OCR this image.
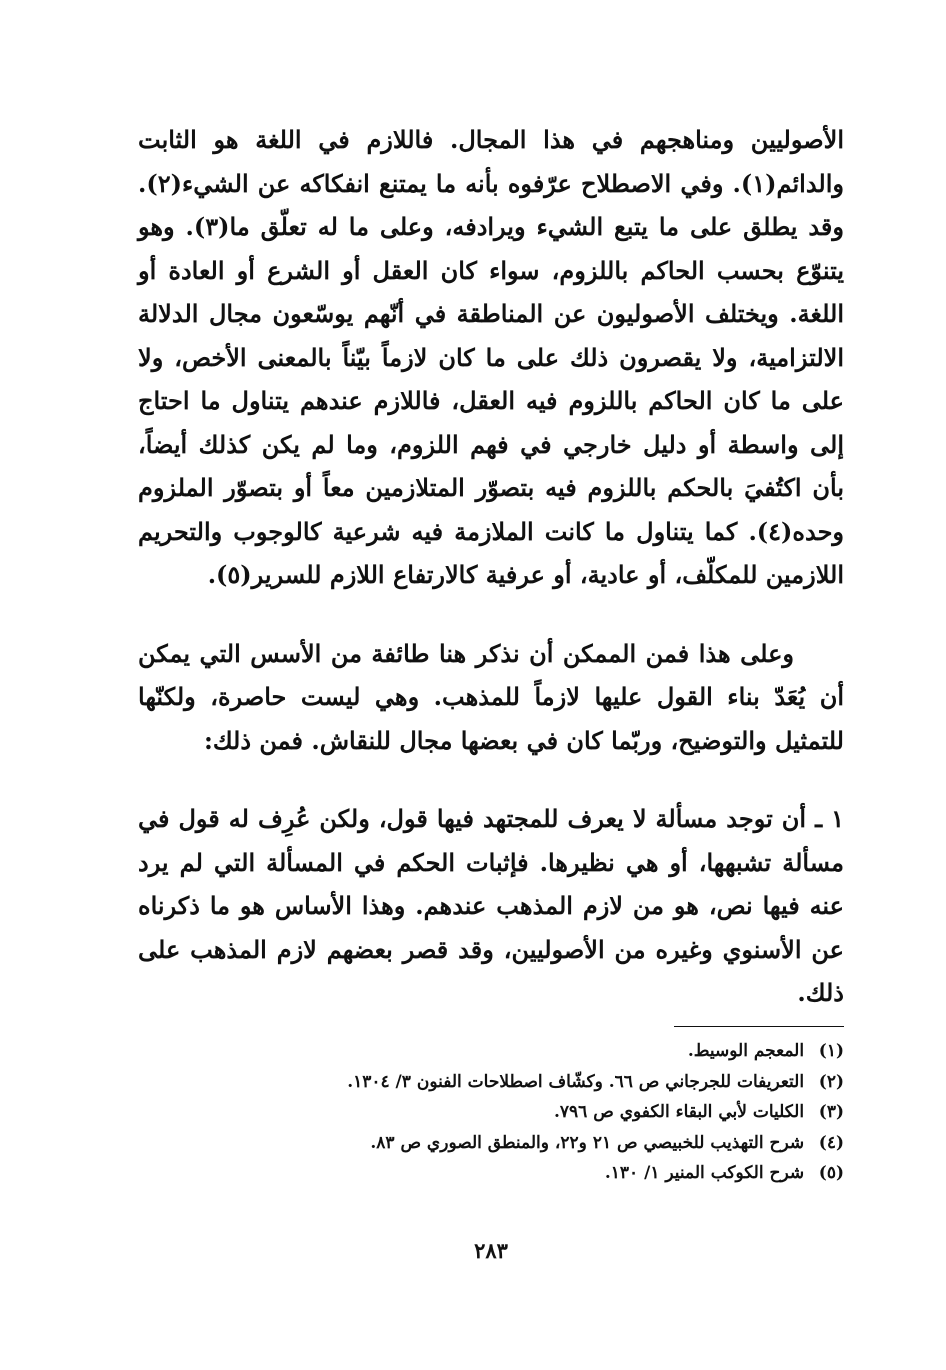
الأصوليين ومناهجهم في هذا المجال. فاللازم في اللغة هو الثابت والدائم(١). وفي الاصطلاح عرّفوه بأنه ما يمتنع انفكاكه عن الشيء(٢). وقد يطلق على ما يتبع الشيء ويرادفه، وعلى ما له تعلّق ما(٣). وهو يتنوّع بحسب الحاكم باللزوم، سواء كان العقل أو الشرع أو العادة أو اللغة. ويختلف الأصوليون عن المناطقة في أنّهم يوسّعون مجال الدلالة الالتزامية، ولا يقصرون ذلك على ما كان لازماً بيّناً بالمعنى الأخص، ولا على ما كان الحاكم باللزوم فيه العقل، فاللازم عندهم يتناول ما احتاج إلى واسطة أو دليل خارجي في فهم اللزوم، وما لم يكن كذلك أيضاً، بأن اكتُفيَ بالحكم باللزوم فيه بتصوّر المتلازمين معاً أو بتصوّر الملزوم وحده(٤). كما يتناول ما كانت الملازمة فيه شرعية كالوجوب والتحريم اللازمين للمكلّف، أو عادية، أو عرفية كالارتفاع اللازم للسرير(٥).

وعلى هذا فمن الممكن أن نذكر هنا طائفة من الأسس التي يمكن أن يُعَدّ بناء القول عليها لازماً للمذهب. وهي ليست حاصرة، ولكنّها للتمثيل والتوضيح، وربّما كان في بعضها مجال للنقاش. فمن ذلك:

١ ـ أن توجد مسألة لا يعرف للمجتهد فيها قول، ولكن عُرِف له قول في مسألة تشبهها، أو هي نظيرها. فإثبات الحكم في المسألة التي لم يرد عنه فيها نص، هو من لازم المذهب عندهم. وهذا الأساس هو ما ذكرناه عن الأسنوي وغيره من الأصوليين، وقد قصر بعضهم لازم المذهب على ذلك.

(١) المعجم الوسيط.
(٢) التعريفات للجرجاني ص ٦٦. وكشّاف اصطلاحات الفنون ٣/ ١٣٠٤.
(٣) الكليات لأبي البقاء الكفوي ص ٧٩٦.
(٤) شرح التهذيب للخبيصي ص ٢١ و٢٢، والمنطق الصوري ص ٨٣.
(٥) شرح الكوكب المنير ١/ ١٣٠.
٢٨٣
